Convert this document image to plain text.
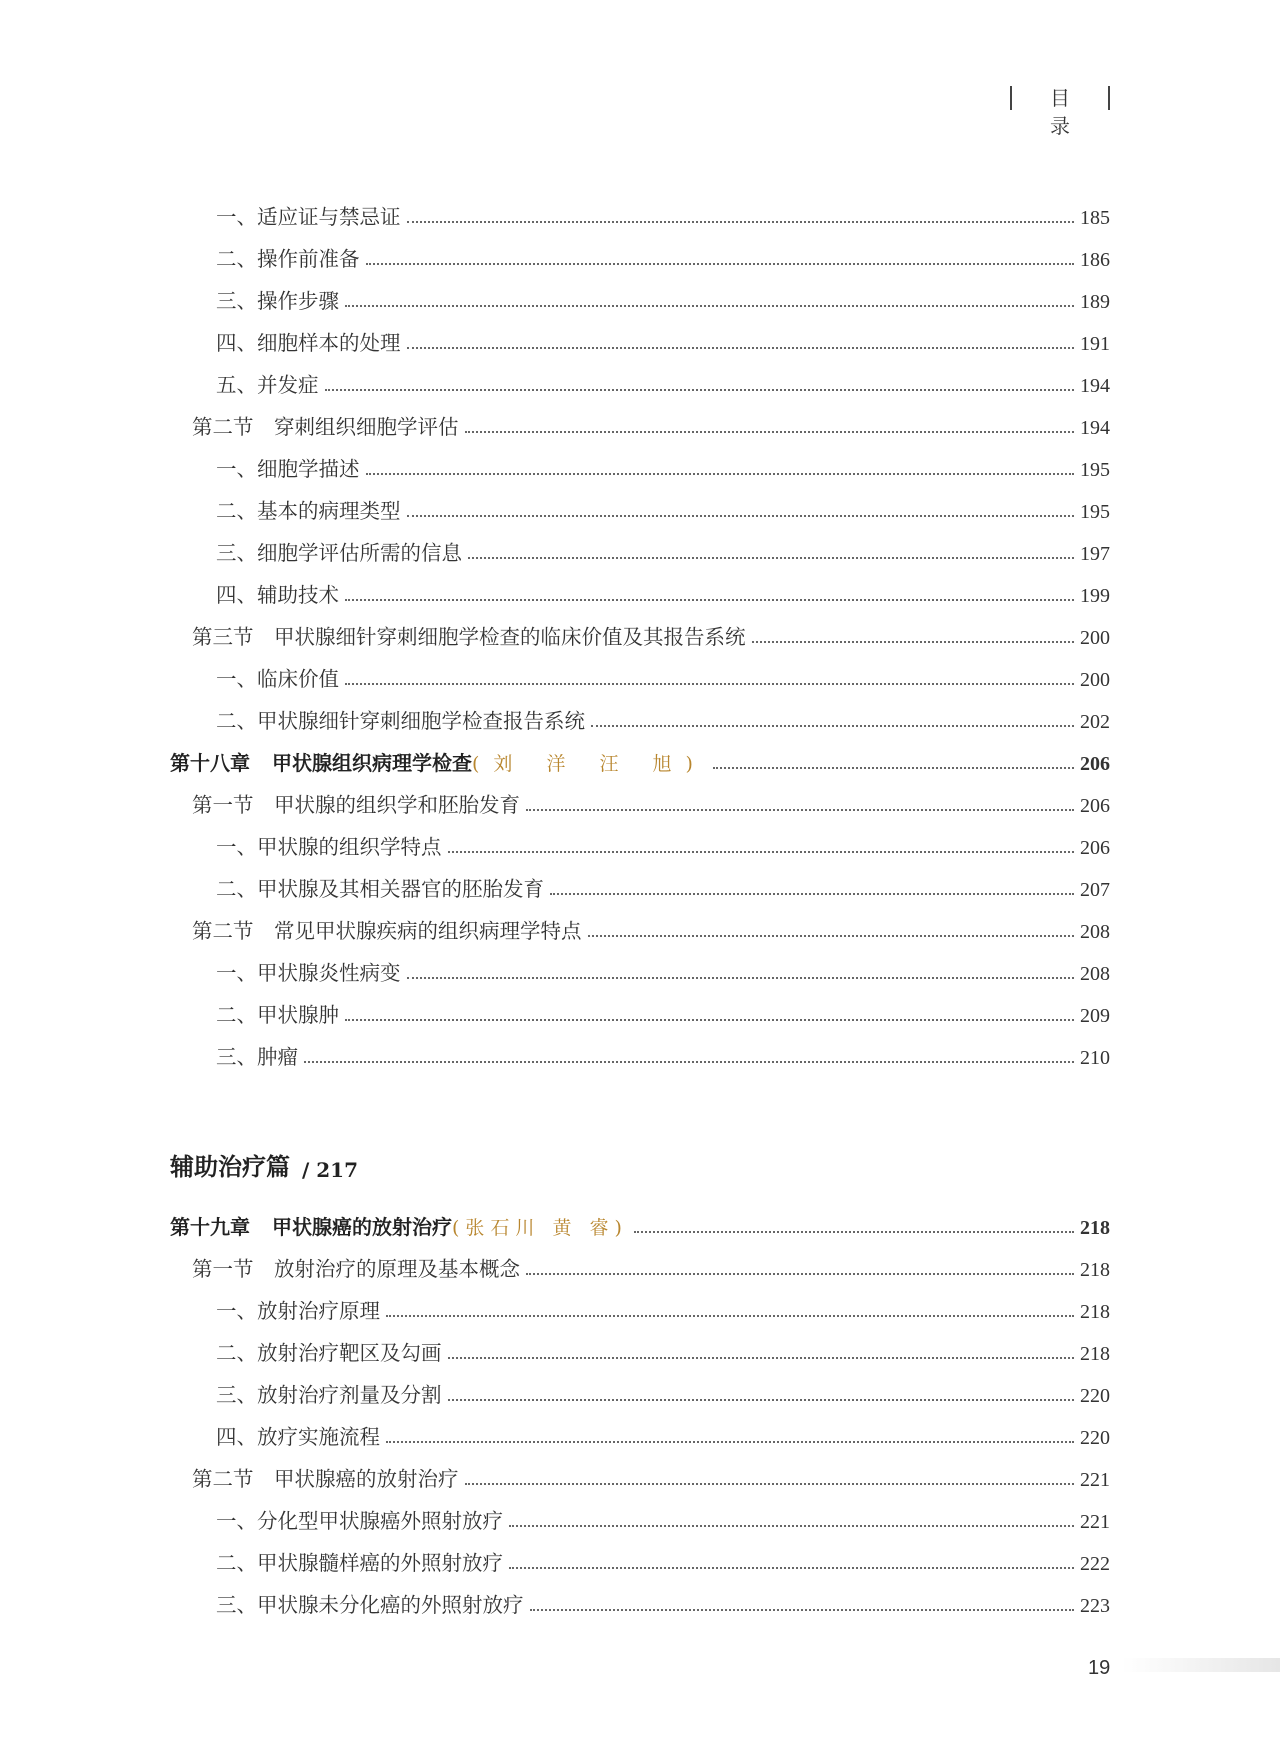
目 录
一、适应证与禁忌证	185
二、操作前准备	186
三、操作步骤	189
四、细胞样本的处理	191
五、并发症	194
第二节　穿刺组织细胞学评估	194
一、细胞学描述	195
二、基本的病理类型	195
三、细胞学评估所需的信息	197
四、辅助技术	199
第三节　甲状腺细针穿刺细胞学检查的临床价值及其报告系统	200
一、临床价值	200
二、甲状腺细针穿刺细胞学检查报告系统	202
第十八章 甲状腺组织病理学检查 (刘 洋 汪 旭)	206
第一节　甲状腺的组织学和胚胎发育	206
一、甲状腺的组织学特点	206
二、甲状腺及其相关器官的胚胎发育	207
第二节　常见甲状腺疾病的组织病理学特点	208
一、甲状腺炎性病变	208
二、甲状腺肿	209
三、肿瘤	210
辅助治疗篇 / 217
第十九章 甲状腺癌的放射治疗 (张石川 黄 睿)	218
第一节　放射治疗的原理及基本概念	218
一、放射治疗原理	218
二、放射治疗靶区及勾画	218
三、放射治疗剂量及分割	220
四、放疗实施流程	220
第二节　甲状腺癌的放射治疗	221
一、分化型甲状腺癌外照射放疗	221
二、甲状腺髓样癌的外照射放疗	222
三、甲状腺未分化癌的外照射放疗	223
19
